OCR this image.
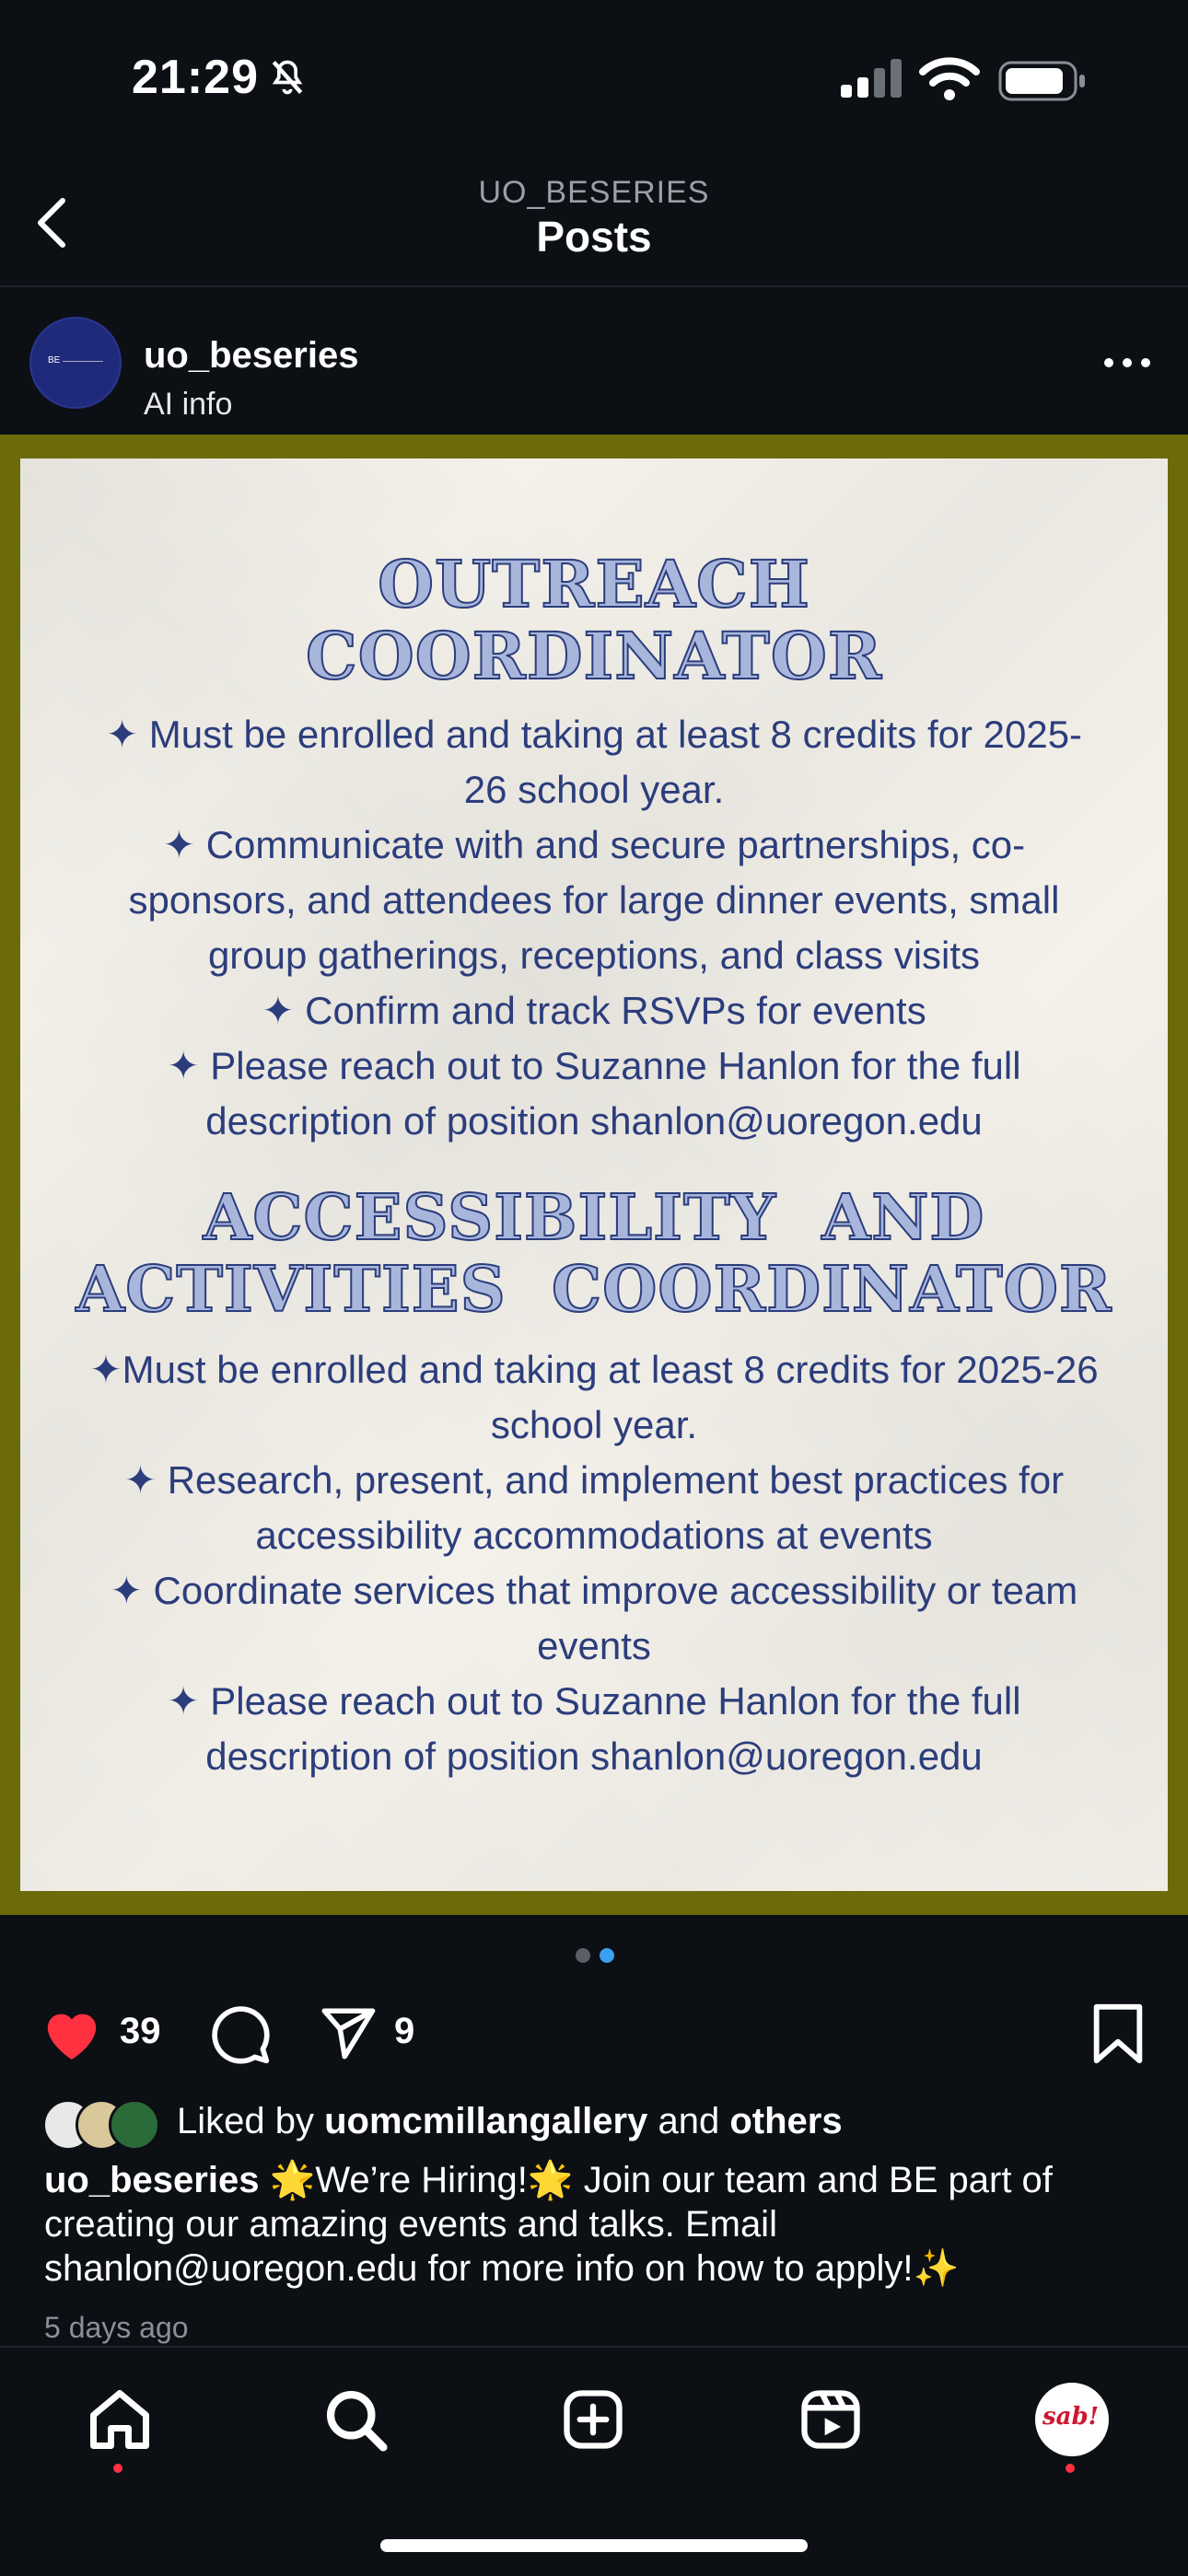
21:29
UO_BESERIES
Posts
BE uo_beseries
AI info
OUTREACH
COORDINATOR
✦ Must be enrolled and taking at least 8 credits for 2025-26 school year.
✦ Communicate with and secure partnerships, co-sponsors, and attendees for large dinner events, small group gatherings, receptions, and class visits
✦ Confirm and track RSVPs for events
✦ Please reach out to Suzanne Hanlon for the full description of position shanlon@uoregon.edu
ACCESSIBILITY  AND
ACTIVITIES  COORDINATOR
✦Must be enrolled and taking at least 8 credits for 2025-26 school year.
✦ Research, present, and implement best practices for accessibility accommodations at events
✦ Coordinate services that improve accessibility or team events
✦ Please reach out to Suzanne Hanlon for the full description of position shanlon@uoregon.edu
39	9
Liked by uomcmillangallery and others
uo_beseries 🌟We’re Hiring!🌟 Join our team and BE part of creating our amazing events and talks. Email shanlon@uoregon.edu for more info on how to apply!✨
5 days ago
sab!
